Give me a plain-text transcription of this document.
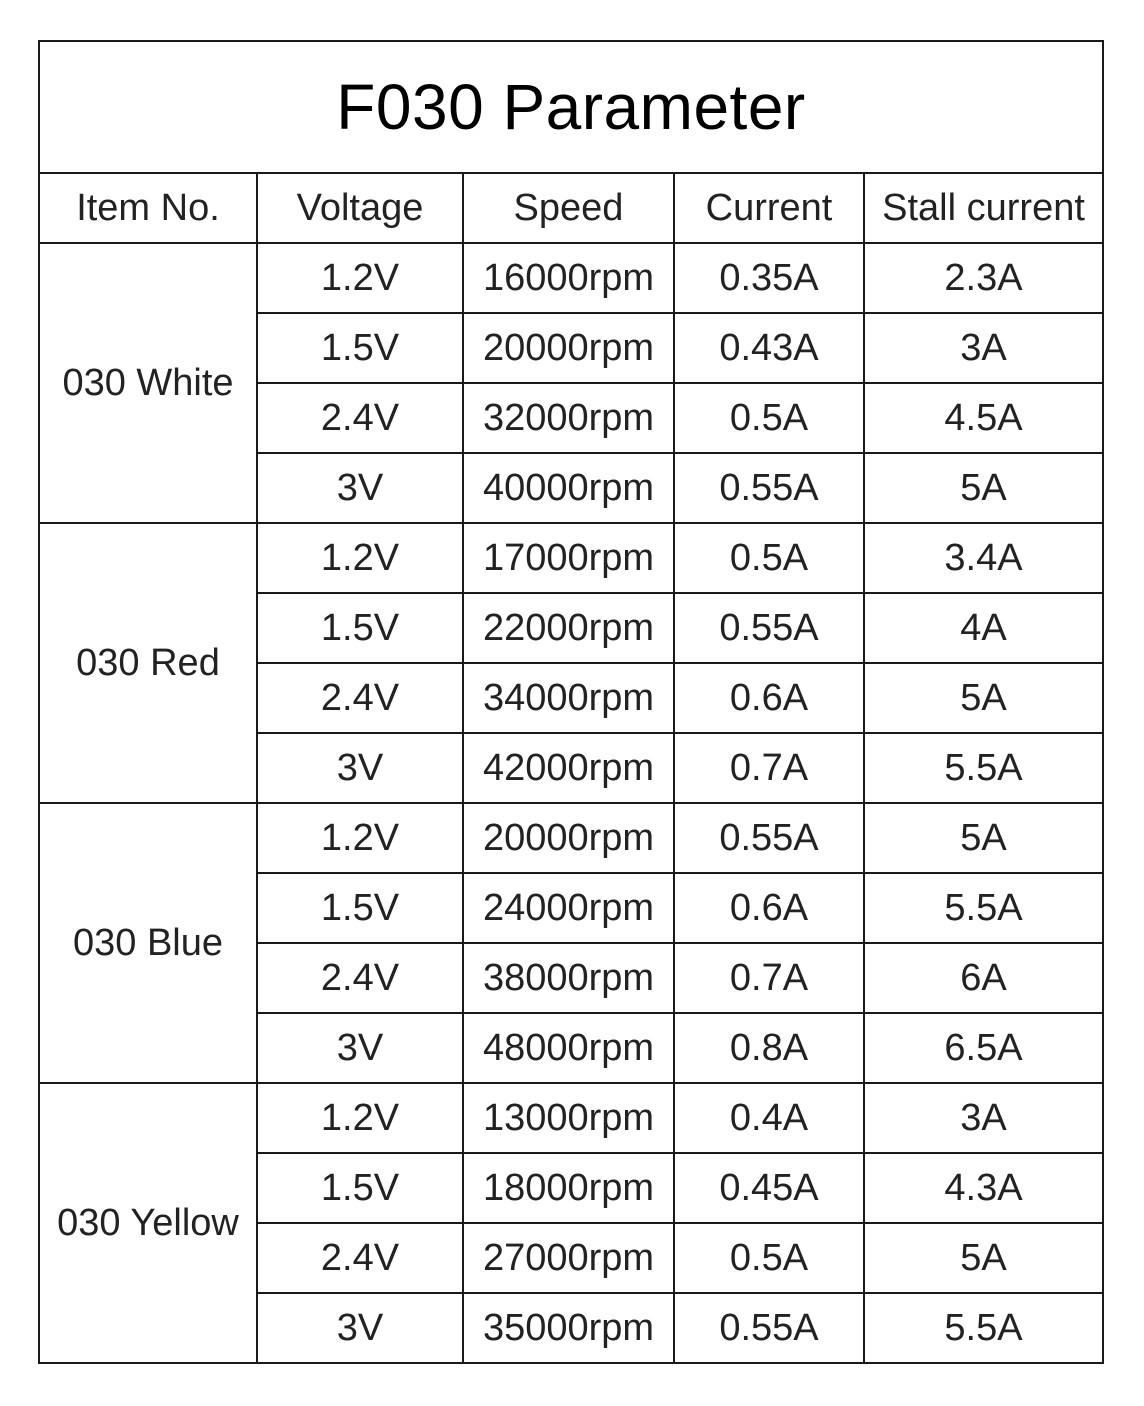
F030 Parameter				
Item No.	Voltage	Speed	Current	Stall current
030 White	1.2V	16000rpm	0.35A	2.3A
	1.5V	20000rpm	0.43A	3A
	2.4V	32000rpm	0.5A	4.5A
	3V	40000rpm	0.55A	5A
030 Red	1.2V	17000rpm	0.5A	3.4A
	1.5V	22000rpm	0.55A	4A
	2.4V	34000rpm	0.6A	5A
	3V	42000rpm	0.7A	5.5A
030 Blue	1.2V	20000rpm	0.55A	5A
	1.5V	24000rpm	0.6A	5.5A
	2.4V	38000rpm	0.7A	6A
	3V	48000rpm	0.8A	6.5A
030 Yellow	1.2V	13000rpm	0.4A	3A
	1.5V	18000rpm	0.45A	4.3A
	2.4V	27000rpm	0.5A	5A
	3V	35000rpm	0.55A	5.5A
